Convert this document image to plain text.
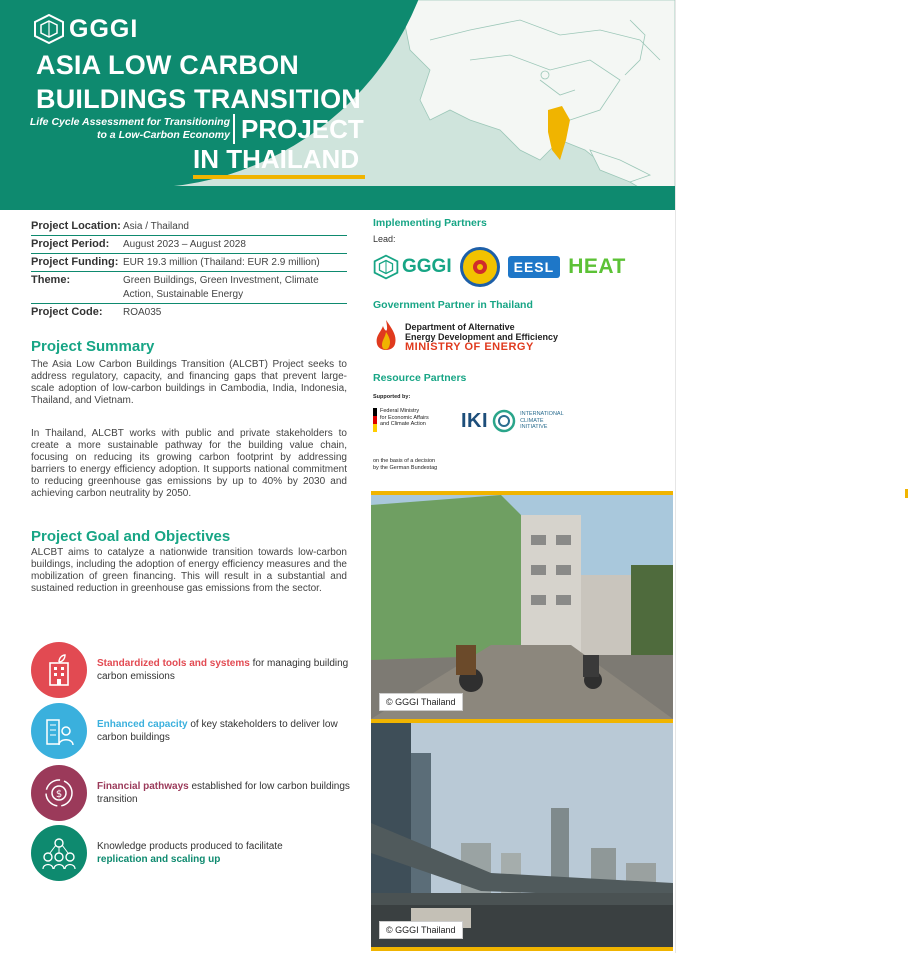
GGGI
ASIA LOW CARBON
BUILDINGS TRANSITION
Life Cycle Assessment for Transitioning
to a Low-Carbon Economy PROJECT
IN THAILAND
Project Location: Asia / Thailand
Project Period:	August 2023 – August 2028
Project Funding: EUR 19.3 million (Thailand: EUR 2.9 million)
Theme:	Green Buildings, Green Investment, Climate Action, Sustainable Energy
Project Code:	ROA035
Project Summary

The Asia Low Carbon Buildings Transition (ALCBT) Project seeks to address regulatory, capacity, and financing gaps that prevent large-scale adoption of low-carbon buildings in Cambodia, India, Indonesia, Thailand, and Vietnam.

In Thailand, ALCBT works with public and private stakeholders to create a more sustainable pathway for the building value chain, focusing on reducing its growing carbon footprint by addressing barriers to energy efficiency adoption. It supports national commitment to reducing greenhouse gas emissions by up to 40% by 2030 and achieving carbon neutrality by 2050.

Project Goal and Objectives

ALCBT aims to catalyze a nationwide transition towards low-carbon buildings, including the adoption of energy efficiency measures and the mobilization of green financing. This will result in a substantial and sustained reduction in greenhouse gas emissions from the sector.

Standardized tools and systems for managing building carbon emissions
Enhanced capacity of key stakeholders to deliver low carbon buildings
$
Financial pathways established for low carbon buildings transition
Knowledge products produced to facilitate
replication and scaling up
Implementing Partners
Lead:
GGGI	EESL HEAT
Government Partner in Thailand
Department of Alternative
Energy Development and Efficiency
MINISTRY OF ENERGY
Resource Partners
Supported by:
Federal Ministry
for Economic Affairs
and Climate Action
on the basis of a decision
by the German Bundestag
IKI	INTERNATIONAL
CLIMATE
INITIATIVE
© GGGI Thailand
© GGGI Thailand
